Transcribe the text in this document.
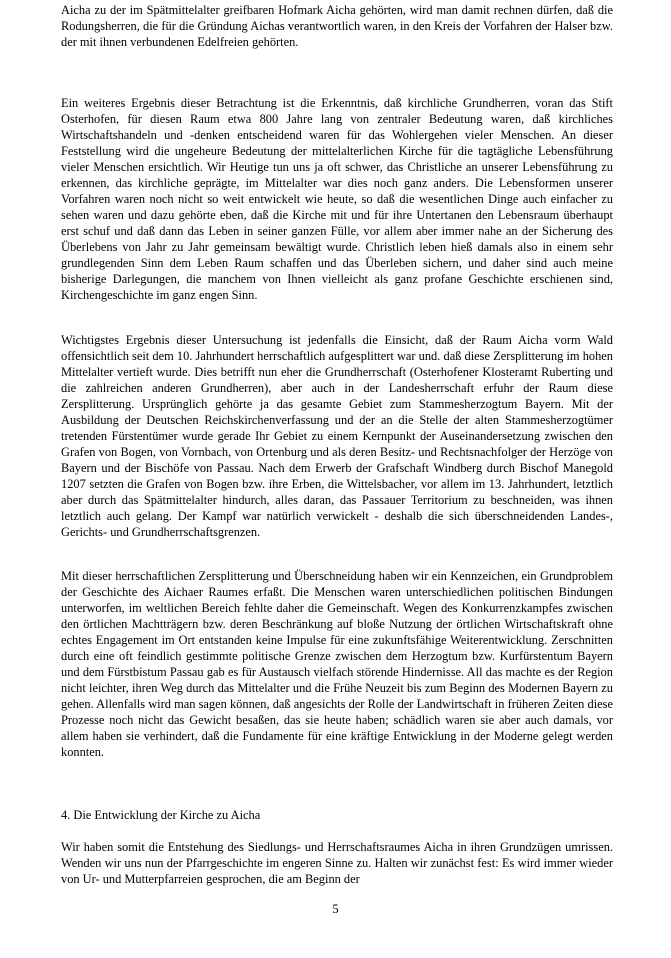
Aicha zu der im Spätmittelalter greifbaren Hofmark Aicha gehörten, wird man damit rechnen dürfen, daß die Rodungsherren, die für die Gründung Aichas verantwortlich waren, in den Kreis der Vorfahren der Halser bzw. der mit ihnen verbundenen Edelfreien gehörten.

Ein weiteres Ergebnis dieser Betrachtung ist die Erkenntnis, daß kirchliche Grundherren, voran das Stift Osterhofen, für diesen Raum etwa 800 Jahre lang von zentraler Bedeutung waren, daß kirchliches Wirtschaftshandeln und -denken entscheidend waren für das Wohlergehen vieler Menschen. An dieser Feststellung wird die ungeheure Bedeutung der mittelalterlichen Kirche für die tagtägliche Lebensführung vieler Menschen ersichtlich. Wir Heutige tun uns ja oft schwer, das Christliche an unserer Lebensführung zu erkennen, das kirchliche geprägte, im Mittelalter war dies noch ganz anders. Die Lebensformen unserer Vorfahren waren noch nicht so weit entwickelt wie heute, so daß die wesentlichen Dinge auch einfacher zu sehen waren und dazu gehörte eben, daß die Kirche mit und für ihre Untertanen den Lebensraum überhaupt erst schuf und daß dann das Leben in seiner ganzen Fülle, vor allem aber immer nahe an der Sicherung des Überlebens von Jahr zu Jahr gemeinsam bewältigt wurde. Christlich leben hieß damals also in einem sehr grundlegenden Sinn dem Leben Raum schaffen und das Überleben sichern, und daher sind auch meine bisherige Darlegungen, die manchem von Ihnen vielleicht als ganz profane Geschichte erschienen sind, Kirchengeschichte im ganz engen Sinn.

Wichtigstes Ergebnis dieser Untersuchung ist jedenfalls die Einsicht, daß der Raum Aicha vorm Wald offensichtlich seit dem 10. Jahrhundert herrschaftlich aufgesplittert war und. daß diese Zersplitterung im hohen Mittelalter vertieft wurde. Dies betrifft nun eher die Grundherrschaft (Osterhofener Klosteramt Ruberting und die zahlreichen anderen Grundherren), aber auch in der Landesherrschaft erfuhr der Raum diese Zersplitterung. Ursprünglich gehörte ja das gesamte Gebiet zum Stammesherzogtum Bayern. Mit der Ausbildung der Deutschen Reichskirchenverfassung und der an die Stelle der alten Stammesherzogtümer tretenden Fürstentümer wurde gerade Ihr Gebiet zu einem Kernpunkt der Auseinandersetzung zwischen den Grafen von Bogen, von Vornbach, von Ortenburg und als deren Besitz- und Rechtsnachfolger der Herzöge von Bayern und der Bischöfe von Passau. Nach dem Erwerb der Grafschaft Windberg durch Bischof Manegold 1207 setzten die Grafen von Bogen bzw. ihre Erben, die Wittelsbacher, vor allem im 13. Jahrhundert, letztlich aber durch das Spätmittelalter hindurch, alles daran, das Passauer Territorium zu beschneiden, was ihnen letztlich auch gelang. Der Kampf war natürlich verwickelt - deshalb die sich überschneidenden Landes-, Gerichts- und Grundherrschaftsgrenzen.

Mit dieser herrschaftlichen Zersplitterung und Überschneidung haben wir ein Kennzeichen, ein Grundproblem der Geschichte des Aichaer Raumes erfaßt. Die Menschen waren unterschiedlichen politischen Bindungen unterworfen, im weltlichen Bereich fehlte daher die Gemeinschaft. Wegen des Konkurrenzkampfes zwischen den örtlichen Machtträgern bzw. deren Beschränkung auf bloße Nutzung der örtlichen Wirtschaftskraft ohne echtes Engagement im Ort entstanden keine Impulse für eine zukunftsfähige Weiterentwicklung. Zerschnitten durch eine oft feindlich gestimmte politische Grenze zwischen dem Herzogtum bzw. Kurfürstentum Bayern und dem Fürstbistum Passau gab es für Austausch vielfach störende Hindernisse. All das machte es der Region nicht leichter, ihren Weg durch das Mittelalter und die Frühe Neuzeit bis zum Beginn des Modernen Bayern zu gehen. Allenfalls wird man sagen können, daß angesichts der Rolle der Landwirtschaft in früheren Zeiten diese Prozesse noch nicht das Gewicht besaßen, das sie heute haben; schädlich waren sie aber auch damals, vor allem haben sie verhindert, daß die Fundamente für eine kräftige Entwicklung in der Moderne gelegt werden konnten.

4. Die Entwicklung der Kirche zu Aicha

Wir haben somit die Entstehung des Siedlungs- und Herrschaftsraumes Aicha in ihren Grundzügen umrissen. Wenden wir uns nun der Pfarrgeschichte im engeren Sinne zu. Halten wir zunächst fest: Es wird immer wieder von Ur- und Mutterpfarreien gesprochen, die am Beginn der

5
